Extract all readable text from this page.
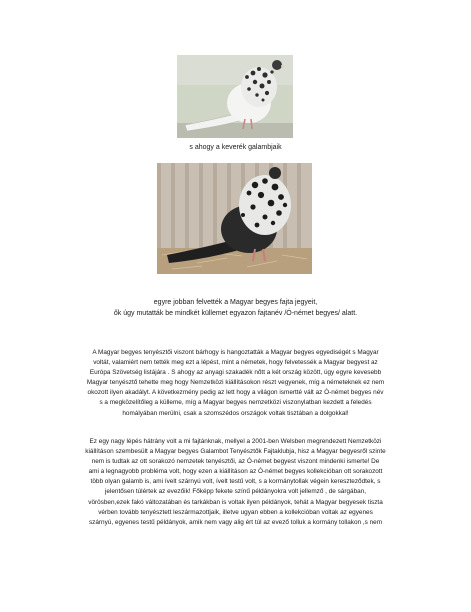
s ahogy a keverék galambjaik
egyre jobban felvették a Magyar begyes fajta jegyeit,
ők úgy mutatták be mindkét küllemet egyazon fajtanév /Ó-német begyes/ alatt.
A Magyar begyes tenyésztői viszont bárhogy is hangoztatták a Magyar begyes egyediségét s Magyar
voltát, valamiért nem tették meg ezt a lépést, mint a németek, hogy felvetessék a Magyar begyest az
Európa Szövetség listájára . S ahogy az anyagi szakadék nőtt a két ország között, úgy egyre kevesebb
Magyar tenyésztő tehette meg hogy Nemzetközi kiállításokon részt vegyenek, míg a németeknek ez nem
okozott ilyen akadályt. A következmény pedig az lett hogy a világon ismertté vált az Ó-német begyes név
s a megközelítőleg a külleme, míg a Magyar begyes nemzetközi viszonylatban kezdett a feledés
homályában merülni, csak a szomszédos országok voltak tisztában a dolgokkal!
Ez egy nagy lépés hátrány volt a mi fajtánknak, mellyel a 2001-ben Welsben megrendezett Nemzetközi
kiállításon szembesült a Magyar begyes Galambot Tenyésztők Fajtaklubja, hisz a Magyar begyesről szinte
nem is tudtak az ott sorakozó nemzetek tenyésztői, az Ó-német begyest viszont mindenki ismerte! De
ami a legnagyobb probléma volt, hogy ezen a kiállításon az Ó-német begyes kollekcióban ott sorakozott
több olyan galamb is, ami ívelt szárnyú volt, ívelt testű volt, s a kormánytollak végein kereszteződtek, s
jelentősen túlértek az evezőik! Főképp fekete színű példányokra volt jellemző , de sárgában,
vörösben,ezek fakó változatában és tarkákban is voltak ilyen példányok, tehát a Magyar begyesek tiszta
vérben tovább tenyésztett leszármazottjaik, illetve ugyan ebben a kollekcióban voltak az egyenes
szárnyú, egyenes testű példányok, amik nem vagy alig ért túl az evező tolluk a kormány tollakon ,s nem
